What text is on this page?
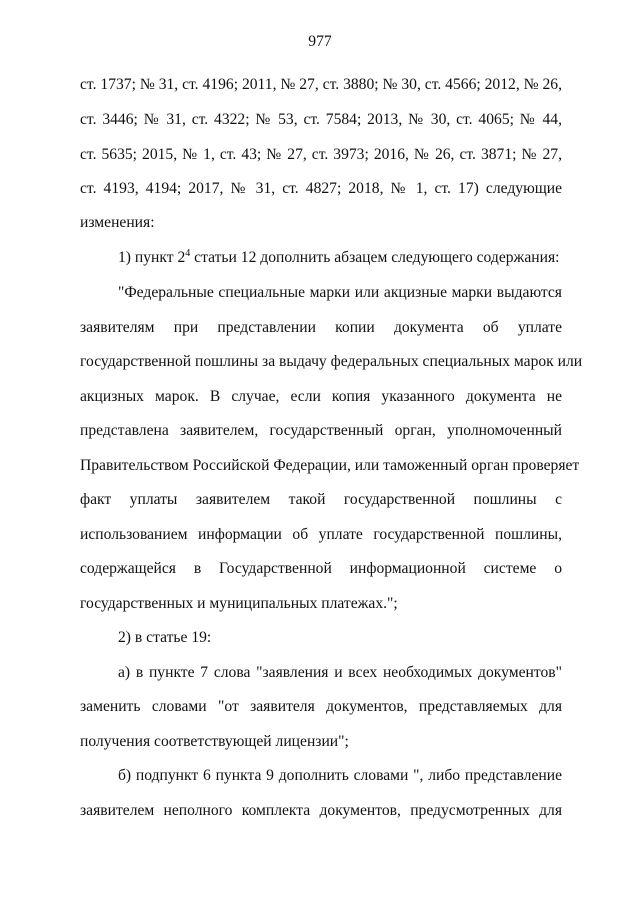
977
ст. 1737; № 31, ст. 4196; 2011, № 27, ст. 3880; № 30, ст. 4566; 2012, № 26,
ст. 3446; № 31, ст. 4322; № 53, ст. 7584; 2013, № 30, ст. 4065; № 44,
ст. 5635; 2015, № 1, ст. 43; № 27, ст. 3973; 2016, № 26, ст. 3871; № 27,
ст. 4193, 4194; 2017, № 31, ст. 4827; 2018, № 1, ст. 17) следующие
изменения:
1) пункт $2^4$ статьи 12 дополнить абзацем следующего содержания:
"Федеральные специальные марки или акцизные марки выдаются
заявителям при представлении копии документа об уплате
государственной пошлины за выдачу федеральных специальных марок или
акцизных марок. В случае, если копия указанного документа не
представлена заявителем, государственный орган, уполномоченный
Правительством Российской Федерации, или таможенный орган проверяет
факт уплаты заявителем такой государственной пошлины с
использованием информации об уплате государственной пошлины,
содержащейся в Государственной информационной системе о
государственных и муниципальных платежах.";
2) в статье 19:
а) в пункте 7 слова "заявления и всех необходимых документов"
заменить словами "от заявителя документов, представляемых для
получения соответствующей лицензии";
б) подпункт 6 пункта 9 дополнить словами ", либо представление
заявителем неполного комплекта документов, предусмотренных для
